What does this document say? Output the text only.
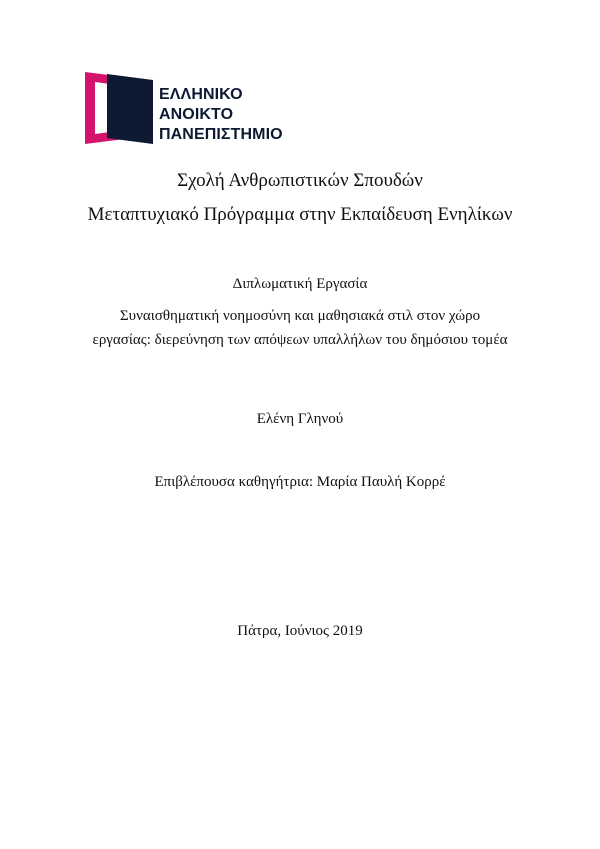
ΕΛΛΗΝΙΚΟ
ΑΝΟΙΚΤΟ
ΠΑΝΕΠΙΣΤΗΜΙΟ
Σχολή Ανθρωπιστικών Σπουδών
Μεταπτυχιακό Πρόγραμμα στην Εκπαίδευση Ενηλίκων
Διπλωματική Εργασία
Συναισθηματική νοημοσύνη και μαθησιακά στιλ στον χώρο εργασίας: διερεύνηση των απόψεων υπαλλήλων του δημόσιου τομέα
Ελένη Γληνού
Επιβλέπουσα καθηγήτρια: Μαρία Παυλή Κορρέ
Πάτρα, Ιούνιος 2019
